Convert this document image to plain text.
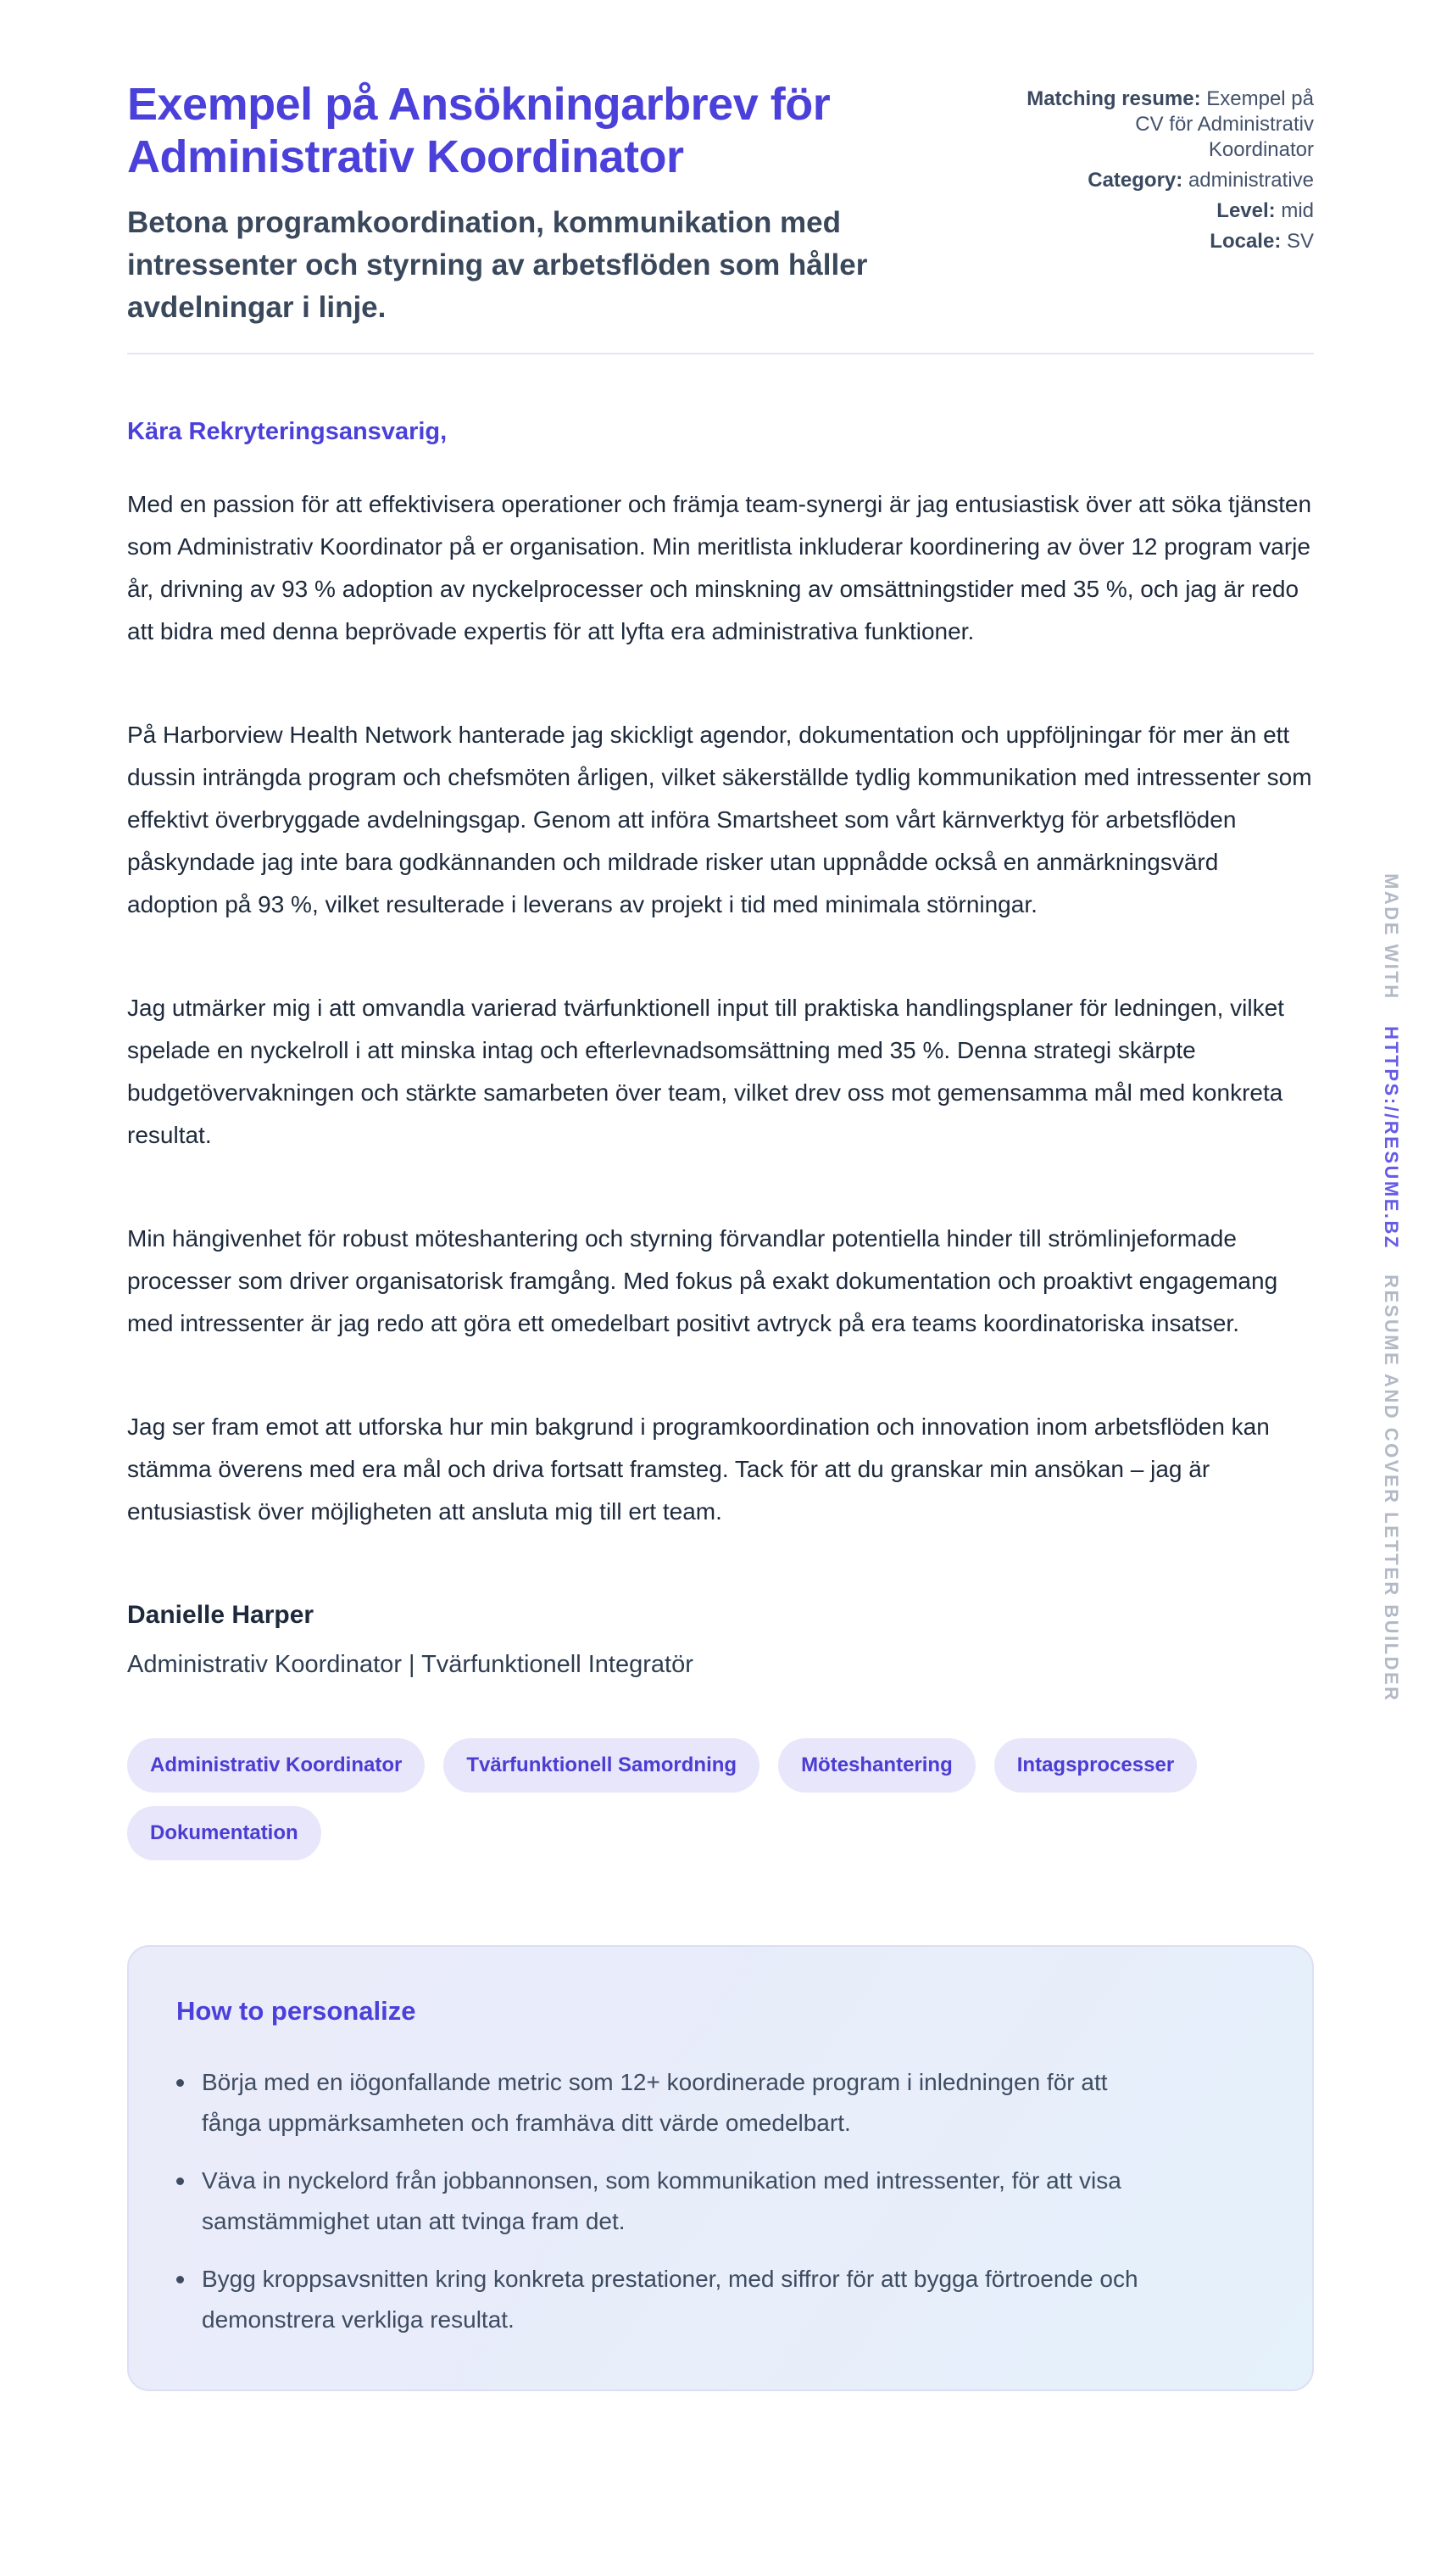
Exempel på Ansökningarbrev för Administrativ Koordinator
Betona programkoordination, kommunikation med intressenter och styrning av arbetsflöden som håller avdelningar i linje.
Matching resume: Exempel på CV för Administrativ Koordinator
Category: administrative
Level: mid
Locale: SV
Kära Rekryteringsansvarig,

Med en passion för att effektivisera operationer och främja team-synergi är jag entusiastisk över att söka tjänsten som Administrativ Koordinator på er organisation. Min meritlista inkluderar koordinering av över 12 program varje år, drivning av 93 % adoption av nyckelprocesser och minskning av omsättningstider med 35 %, och jag är redo att bidra med denna beprövade expertis för att lyfta era administrativa funktioner.

På Harborview Health Network hanterade jag skickligt agendor, dokumentation och uppföljningar för mer än ett dussin inträngda program och chefsmöten årligen, vilket säkerställde tydlig kommunikation med intressenter som effektivt överbryggade avdelningsgap. Genom att införa Smartsheet som vårt kärnverktyg för arbetsflöden påskyndade jag inte bara godkännanden och mildrade risker utan uppnådde också en anmärkningsvärd adoption på 93 %, vilket resulterade i leverans av projekt i tid med minimala störningar.

Jag utmärker mig i att omvandla varierad tvärfunktionell input till praktiska handlingsplaner för ledningen, vilket spelade en nyckelroll i att minska intag och efterlevnadsomsättning med 35 %. Denna strategi skärpte budgetövervakningen och stärkte samarbeten över team, vilket drev oss mot gemensamma mål med konkreta resultat.

Min hängivenhet för robust möteshantering och styrning förvandlar potentiella hinder till strömlinjeformade processer som driver organisatorisk framgång. Med fokus på exakt dokumentation och proaktivt engagemang med intressenter är jag redo att göra ett omedelbart positivt avtryck på era teams koordinatoriska insatser.

Jag ser fram emot att utforska hur min bakgrund i programkoordination och innovation inom arbetsflöden kan stämma överens med era mål och driva fortsatt framsteg. Tack för att du granskar min ansökan – jag är entusiastisk över möjligheten att ansluta mig till ert team.

Danielle Harper
Administrativ Koordinator | Tvärfunktionell Integratör
Administrativ Koordinator	Tvärfunktionell Samordning	Möteshantering	Intagsprocesser
Dokumentation
How to personalize
Börja med en iögonfallande metric som 12+ koordinerade program i inledningen för att fånga uppmärksamheten och framhäva ditt värde omedelbart.
Väva in nyckelord från jobbannonsen, som kommunikation med intressenter, för att visa samstämmighet utan att tvinga fram det.
Bygg kroppsavsnitten kring konkreta prestationer, med siffror för att bygga förtroende och demonstrera verkliga resultat.
MADE WITH
HTTPS://RESUME.BZ
RESUME AND COVER LETTER BUILDER
